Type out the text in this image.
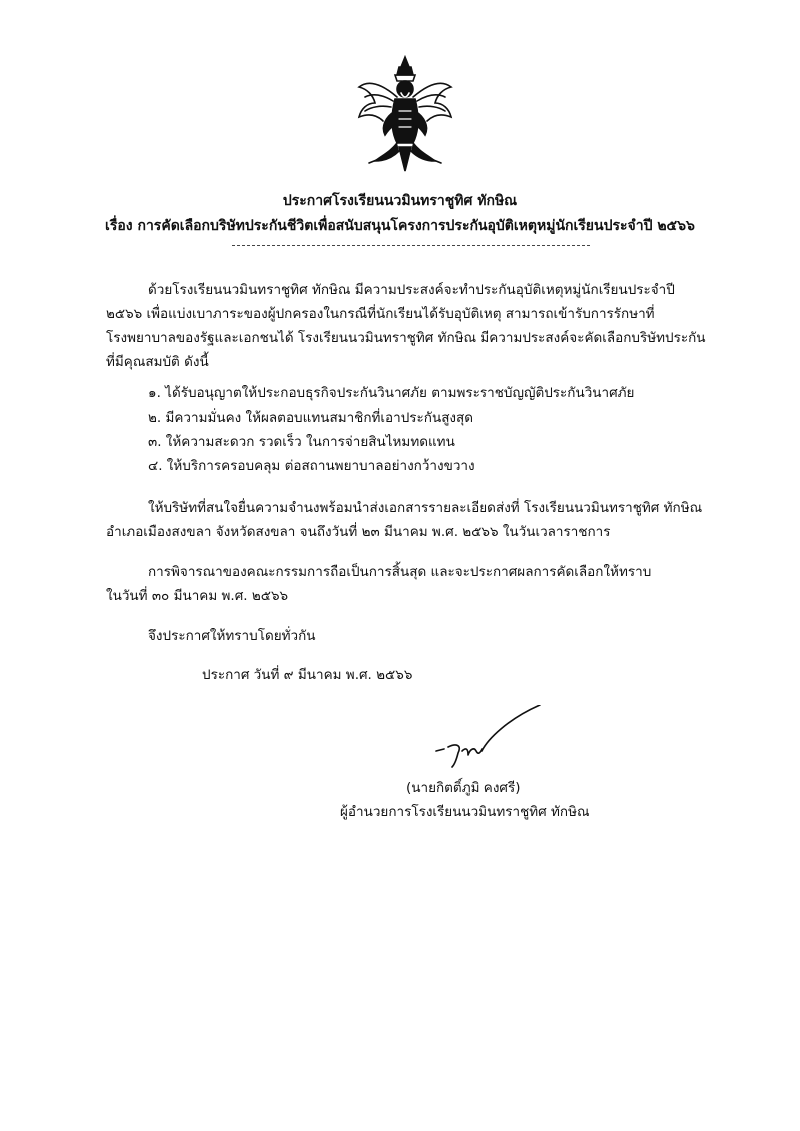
ประกาศโรงเรียนนวมินทราชูทิศ ทักษิณ
เรื่อง การคัดเลือกบริษัทประกันชีวิตเพื่อสนับสนุนโครงการประกันอุบัติเหตุหมู่นักเรียนประจำปี ๒๕๖๖
ด้วยโรงเรียนนวมินทราชูทิศ ทักษิณ มีความประสงค์จะทำประกันอุบัติเหตุหมู่นักเรียนประจำปี
๒๕๖๖ เพื่อแบ่งเบาภาระของผู้ปกครองในกรณีที่นักเรียนได้รับอุบัติเหตุ สามารถเข้ารับการรักษาที่
โรงพยาบาลของรัฐและเอกชนได้ โรงเรียนนวมินทราชูทิศ ทักษิณ มีความประสงค์จะคัดเลือกบริษัทประกัน
ที่มีคุณสมบัติ ดังนี้
๑. ได้รับอนุญาตให้ประกอบธุรกิจประกันวินาศภัย ตามพระราชบัญญัติประกันวินาศภัย
๒. มีความมั่นคง ให้ผลตอบแทนสมาชิกที่เอาประกันสูงสุด
๓. ให้ความสะดวก รวดเร็ว ในการจ่ายสินไหมทดแทน
๔. ให้บริการครอบคลุม ต่อสถานพยาบาลอย่างกว้างขวาง
ให้บริษัทที่สนใจยื่นความจำนงพร้อมนำส่งเอกสารรายละเอียดส่งที่ โรงเรียนนวมินทราชูทิศ ทักษิณ
อำเภอเมืองสงขลา จังหวัดสงขลา จนถึงวันที่ ๒๓ มีนาคม พ.ศ. ๒๕๖๖ ในวันเวลาราชการ
การพิจารณาของคณะกรรมการถือเป็นการสิ้นสุด และจะประกาศผลการคัดเลือกให้ทราบ
ในวันที่ ๓๐ มีนาคม พ.ศ. ๒๕๖๖
จึงประกาศให้ทราบโดยทั่วกัน
ประกาศ วันที่ ๙ มีนาคม พ.ศ. ๒๕๖๖
(นายกิตติ์ภูมิ คงศรี)
ผู้อำนวยการโรงเรียนนวมินทราชูทิศ ทักษิณ
